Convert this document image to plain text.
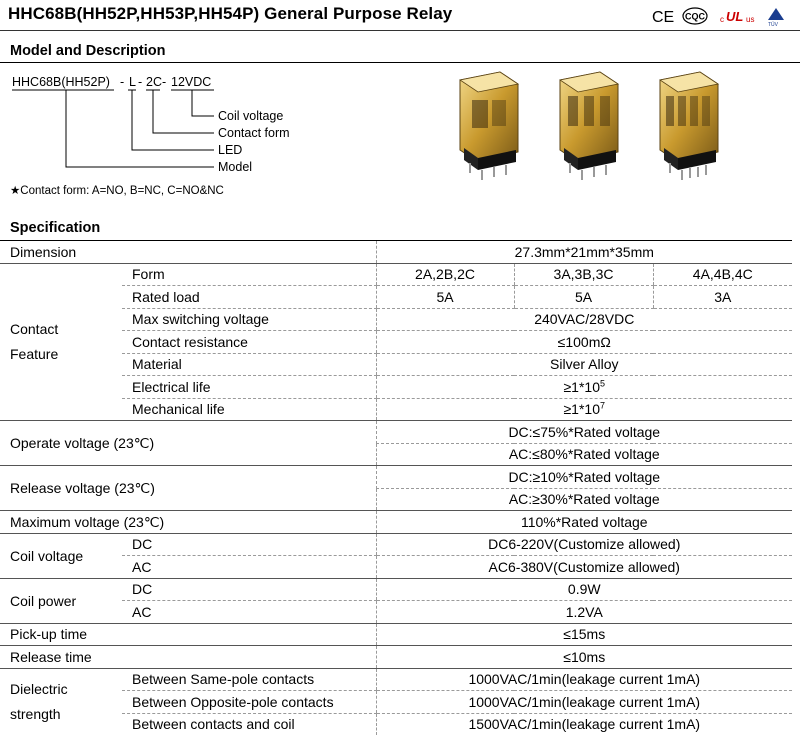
HHC68B(HH52P,HH53P,HH54P) General Purpose Relay	CE CQC c UL us
TÜV
Model and Description
HHC68B(HH52P) - L - 2C - 12VDC
Coil voltage
Contact form
LED
Model
★Contact form: A=NO, B=NC, C=NO&NC
Specification
Dimension		27.3mm*21mm*35mm		

Contact
Feature	Form	2A,2B,2C	3A,3B,3C	4A,4B,4C
	Rated load	5A	5A	3A
	Max switching voltage	240VAC/28VDC		
	Contact resistance	≤100mΩ		
	Material	Silver Alloy		
	Electrical life	$\ge 1*10^5$
	Mechanical life	$\ge 1*10^7$
Operate voltage (23℃)		DC:≤75%*Rated voltage		
		AC:≤80%*Rated voltage		
Release voltage (23℃)		DC:≥10%*Rated voltage		
		AC:≥30%*Rated voltage		
Maximum voltage (23℃)		110%*Rated voltage		
Coil voltage	DC	DC6-220V(Customize allowed)		
	AC	AC6-380V(Customize allowed)		
Coil power	DC	0.9W		
	AC	1.2VA		
Pick-up time		≤15ms		
Release time		≤10ms		

Dielectric
strength	Between Same-pole contacts	1000VAC/1min(leakage current 1mA)		
	Between Opposite-pole contacts	1000VAC/1min(leakage current 1mA)		
	Between contacts and coil	1500VAC/1min(leakage current 1mA)		
